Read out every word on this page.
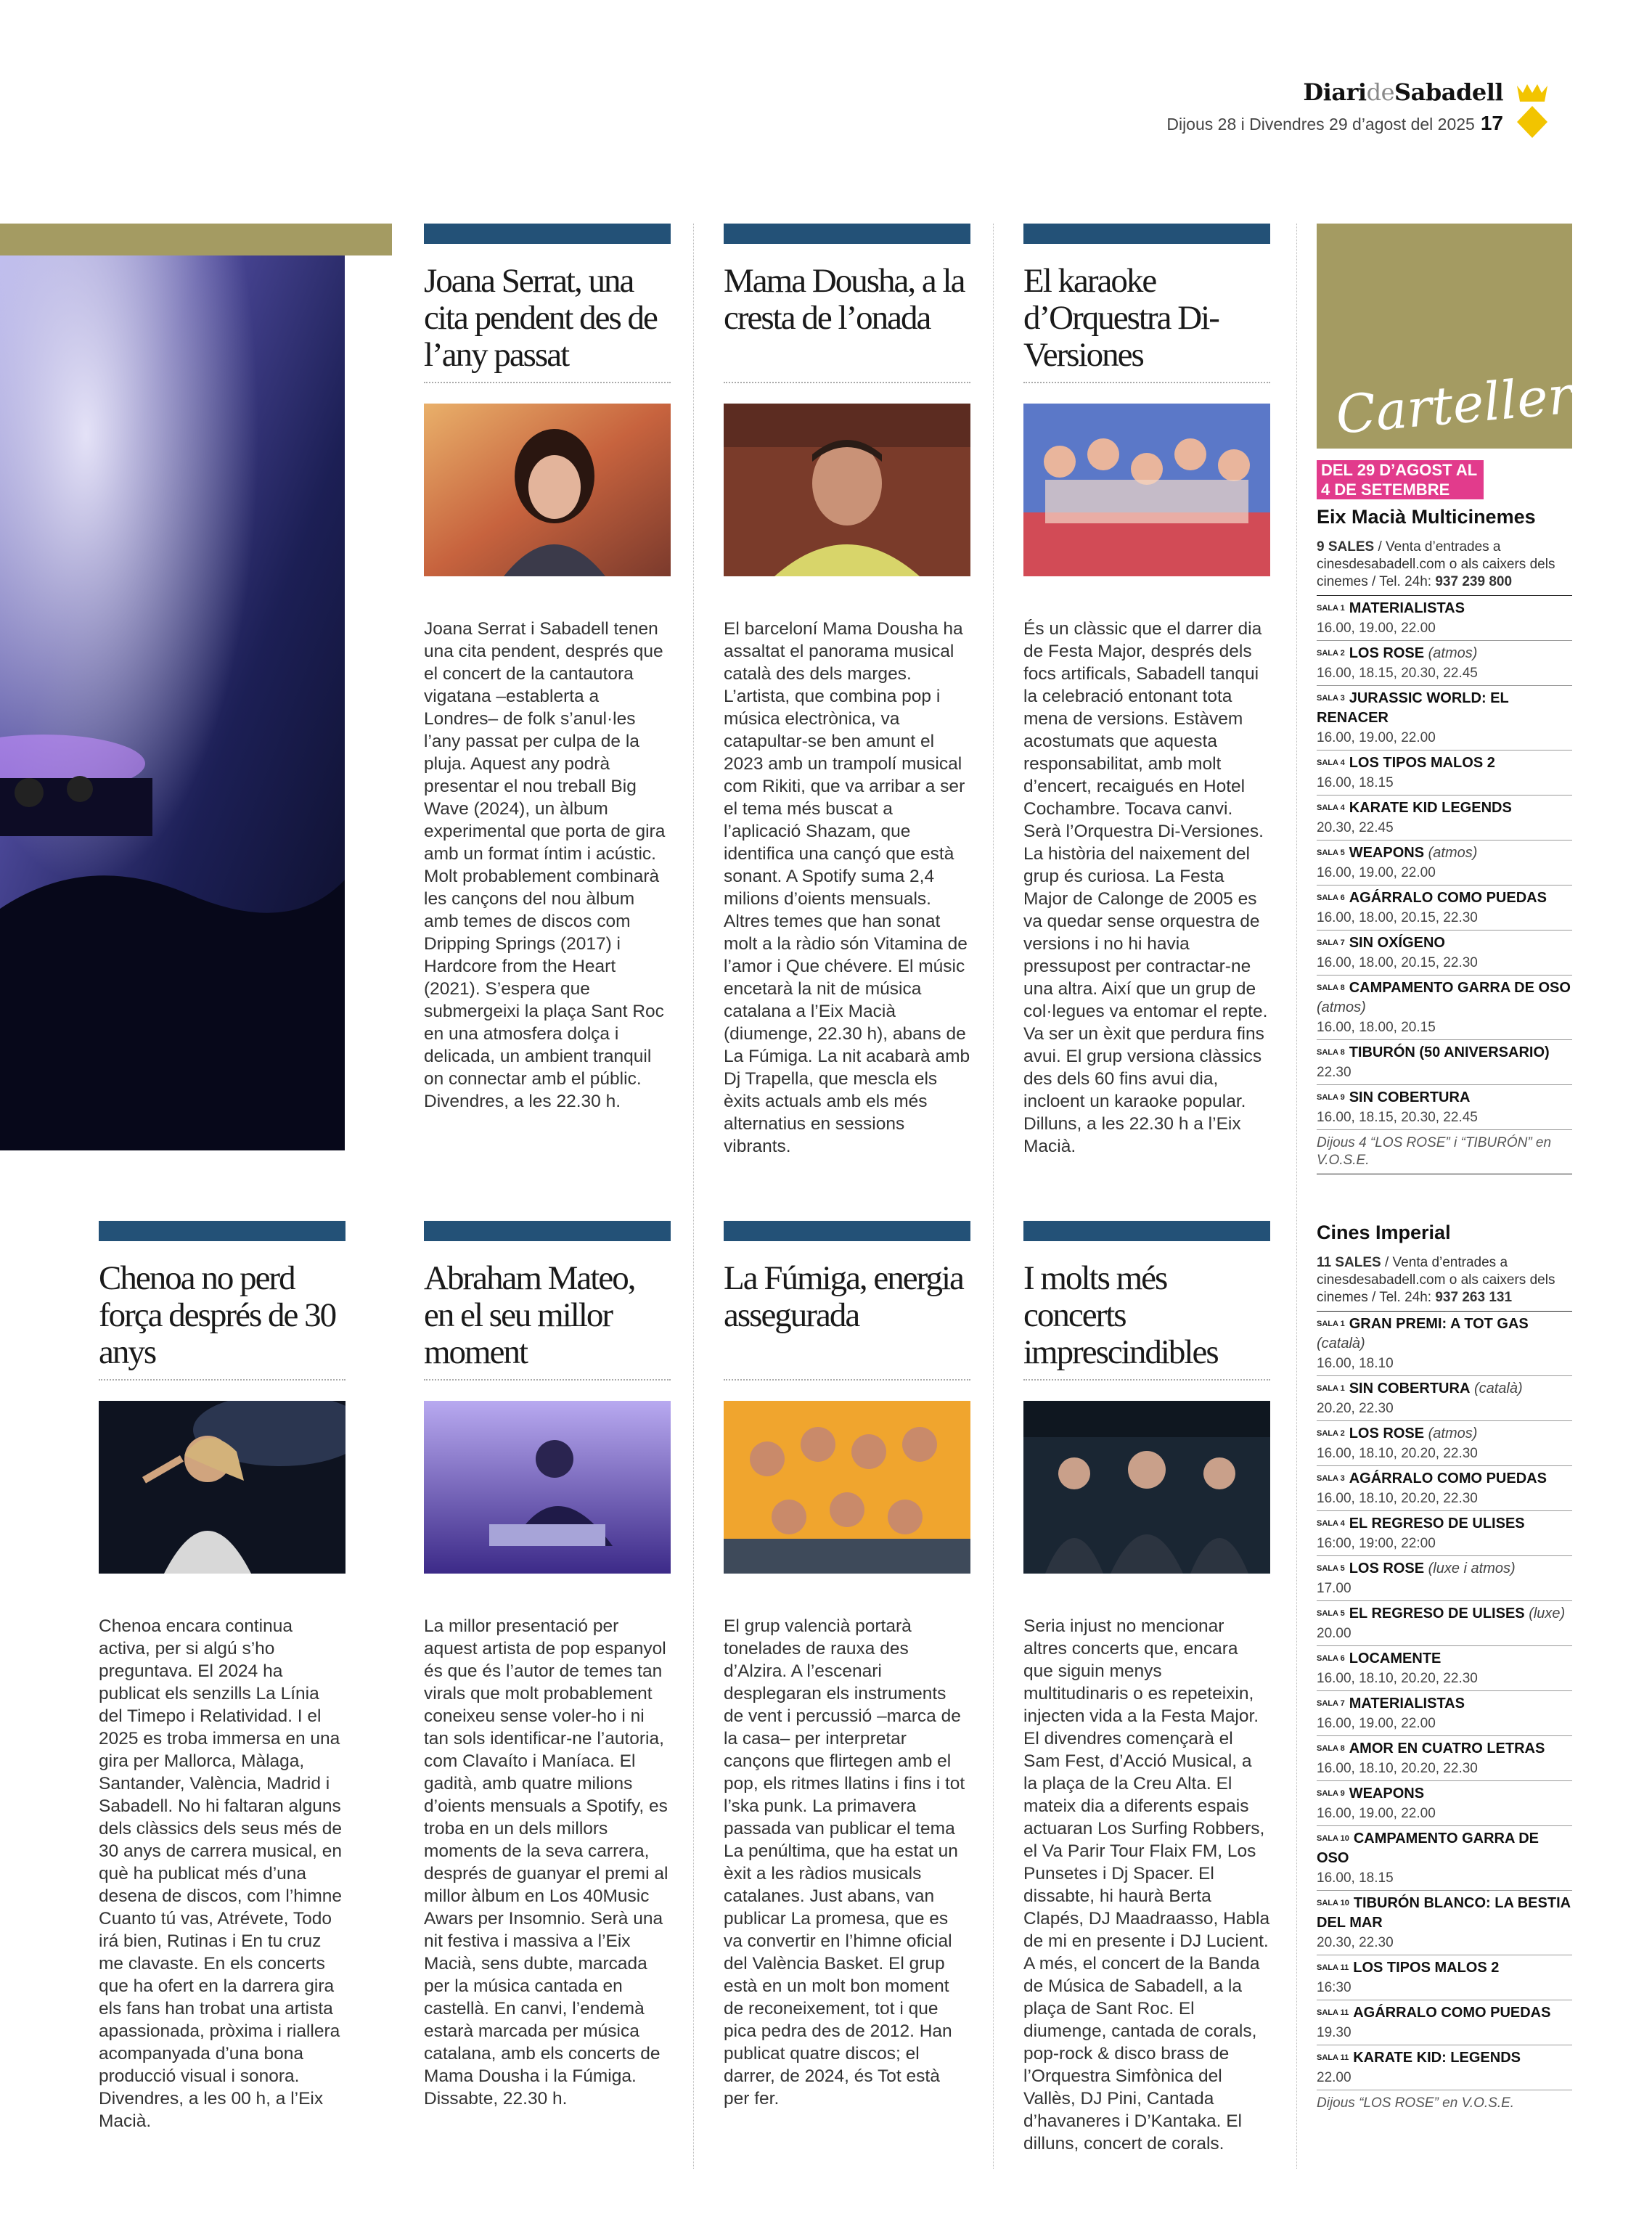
DiarideSabadell
Dijous 28 i Divendres 29 d’agost del 2025 17
Joana Serrat, una cita pendent des de l’any passat
Joana Serrat i Sabadell tenen una cita pendent, després que el concert de la cantautora vigatana –establerta a Londres– de folk s’anul·les l’any passat per culpa de la pluja. Aquest any podrà presentar el nou treball Big Wave (2024), un àlbum experimental que porta de gira amb un format íntim i acústic. Molt probablement combinarà les cançons del nou àlbum amb temes de discos com Dripping Springs (2017) i Hardcore from the Heart (2021). S’espera que submergeixi la plaça Sant Roc en una atmosfera dolça i delicada, un ambient tranquil on connectar amb el públic. Divendres, a les 22.30 h.
Mama Dousha, a la cresta de l’onada
El barceloní Mama Dousha ha assaltat el panorama musical català des dels marges. L’artista, que combina pop i música electrònica, va catapultar-se ben amunt el 2023 amb un trampolí musical com Rikiti, que va arribar a ser el tema més buscat a l’aplicació Shazam, que identifica una cançó que està sonant. A Spotify suma 2,4 milions d’oients mensuals. Altres temes que han sonat molt a la ràdio són Vitamina de l’amor i Que chévere. El músic encetarà la nit de música catalana a l’Eix Macià (diumenge, 22.30 h), abans de La Fúmiga. La nit acabarà amb Dj Trapella, que mescla els èxits actuals amb els més alternatius en sessions vibrants.
El karaoke d’Orquestra Di-Versiones
És un clàssic que el darrer dia de Festa Major, després dels focs artificals, Sabadell tanqui la celebració entonant tota mena de versions. Estàvem acostumats que aquesta responsabilitat, amb molt d’encert, recaigués en Hotel Cochambre. Tocava canvi. Serà l’Orquestra Di-Versiones. La història del naixement del grup és curiosa. La Festa Major de Calonge de 2005 es va quedar sense orquestra de versions i no hi havia pressupost per contractar-ne una altra. Així que un grup de col·legues va entomar el repte. Va ser un èxit que perdura fins avui. El grup versiona clàssics des dels 60 fins avui dia, incloent un karaoke popular. Dilluns, a les 22.30 h a l’Eix Macià.
Chenoa no perd força després de 30 anys
Chenoa encara continua activa, per si algú s’ho preguntava. El 2024 ha publicat els senzills La Línia del Timepo i Relatividad. I el 2025 es troba immersa en una gira per Mallorca, Màlaga, Santander, València, Madrid i Sabadell. No hi faltaran alguns dels clàssics dels seus més de 30 anys de carrera musical, en què ha publicat més d’una desena de discos, com l’himne Cuanto tú vas, Atrévete, Todo irá bien, Rutinas i En tu cruz me clavaste. En els concerts que ha ofert en la darrera gira els fans han trobat una artista apassionada, pròxima i riallera acompanyada d’una bona producció visual i sonora. Divendres, a les 00 h, a l’Eix Macià.
Abraham Mateo, en el seu millor moment
La millor presentació per aquest artista de pop espanyol és que és l’autor de temes tan virals que molt probablement coneixeu sense voler-ho i ni tan sols identificar-ne l’autoria, com Clavaíto i Maníaca. El gadità, amb quatre milions d’oients mensuals a Spotify, es troba en un dels millors moments de la seva carrera, després de guanyar el premi al millor àlbum en Los 40Music Awars per Insomnio. Serà una nit festiva i massiva a l’Eix Macià, sens dubte, marcada per la música cantada en castellà. En canvi, l’endemà estarà marcada per música catalana, amb els concerts de Mama Dousha i la Fúmiga. Dissabte, 22.30 h.
La Fúmiga, energia assegurada
El grup valencià portarà tonelades de rauxa des d’Alzira. A l’escenari desplegaran els instruments de vent i percussió –marca de la casa– per interpretar cançons que flirtegen amb el pop, els ritmes llatins i fins i tot l’ska punk. La primavera passada van publicar el tema La penúltima, que ha estat un èxit a les ràdios musicals catalanes. Just abans, van publicar La promesa, que es va convertir en l’himne oficial del València Basket. El grup està en un molt bon moment de reconeixement, tot i que pica pedra des de 2012. Han publicat quatre discos; el darrer, de 2024, és Tot està per fer.
I molts més concerts imprescindibles
Seria injust no mencionar altres concerts que, encara que siguin menys multitudinaris o es repeteixin, injecten vida a la Festa Major. El divendres començarà el Sam Fest, d’Acció Musical, a la plaça de la Creu Alta. El mateix dia a diferents espais actuaran Los Surfing Robbers, el Va Parir Tour Flaix FM, Los Punsetes i Dj Spacer. El dissabte, hi haurà Berta Clapés, DJ Maadraasso, Habla de mi en presente i DJ Lucient. A més, el concert de la Banda de Música de Sabadell, a la plaça de Sant Roc. El diumenge, cantada de corals, pop-rock & disco brass de l’Orquestra Simfònica del Vallès, DJ Pini, Cantada d’havaneres i D’Kantaka. El dilluns, concert de corals.
Cartellera
DEL 29 D’AGOST AL 4 DE SETEMBRE
Eix Macià Multicinemes
9 SALES / Venta d’entrades a cinesdesabadell.com o als caixers dels cinemes / Tel. 24h: 937 239 800
$^{SALA 1}$ MATERIALISTAS
16.00, 19.00, 22.00
$^{SALA 2}$ LOS ROSE (atmos)
16.00, 18.15, 20.30, 22.45
$^{SALA 3}$ JURASSIC WORLD: EL RENACER
16.00, 19.00, 22.00
$^{SALA 4}$ LOS TIPOS MALOS 2
16.00, 18.15
$^{SALA 4}$ KARATE KID LEGENDS
20.30, 22.45
$^{SALA 5}$ WEAPONS (atmos)
16.00, 19.00, 22.00
$^{SALA 6}$ AGÁRRALO COMO PUEDAS
16.00, 18.00, 20.15, 22.30
$^{SALA 7}$ SIN OXÍGENO
16.00, 18.00, 20.15, 22.30
$^{SALA 8}$ CAMPAMENTO GARRA DE OSO (atmos)
16.00, 18.00, 20.15
$^{SALA 8}$ TIBURÓN (50 ANIVERSARIO)
22.30
$^{SALA 9}$ SIN COBERTURA
16.00, 18.15, 20.30, 22.45
Dijous 4 “LOS ROSE” i “TIBURÓN” en V.O.S.E.
Cines Imperial
11 SALES / Venta d’entrades a cinesdesabadell.com o als caixers dels cinemes / Tel. 24h: 937 263 131
$^{SALA 1}$ GRAN PREMI: A TOT GAS (català)
16.00, 18.10
$^{SALA 1}$ SIN COBERTURA (català)
20.20, 22.30
$^{SALA 2}$ LOS ROSE (atmos)
16.00, 18.10, 20.20, 22.30
$^{SALA 3}$ AGÁRRALO COMO PUEDAS
16.00, 18.10, 20.20, 22.30
$^{SALA 4}$ EL REGRESO DE ULISES
16:00, 19:00, 22:00
$^{SALA 5}$ LOS ROSE (luxe i atmos)
17.00
$^{SALA 5}$ EL REGRESO DE ULISES (luxe)
20.00
$^{SALA 6}$ LOCAMENTE
16.00, 18.10, 20.20, 22.30
$^{SALA 7}$ MATERIALISTAS
16.00, 19.00, 22.00
$^{SALA 8}$ AMOR EN CUATRO LETRAS
16.00, 18.10, 20.20, 22.30
$^{SALA 9}$ WEAPONS
16.00, 19.00, 22.00
$^{SALA 10}$ CAMPAMENTO GARRA DE OSO
16.00, 18.15
$^{SALA 10}$ TIBURÓN BLANCO: LA BESTIA DEL MAR
20.30, 22.30
$^{SALA 11}$ LOS TIPOS MALOS 2
16:30
$^{SALA 11}$ AGÁRRALO COMO PUEDAS
19.30
$^{SALA 11}$ KARATE KID: LEGENDS
22.00
Dijous “LOS ROSE” en V.O.S.E.
